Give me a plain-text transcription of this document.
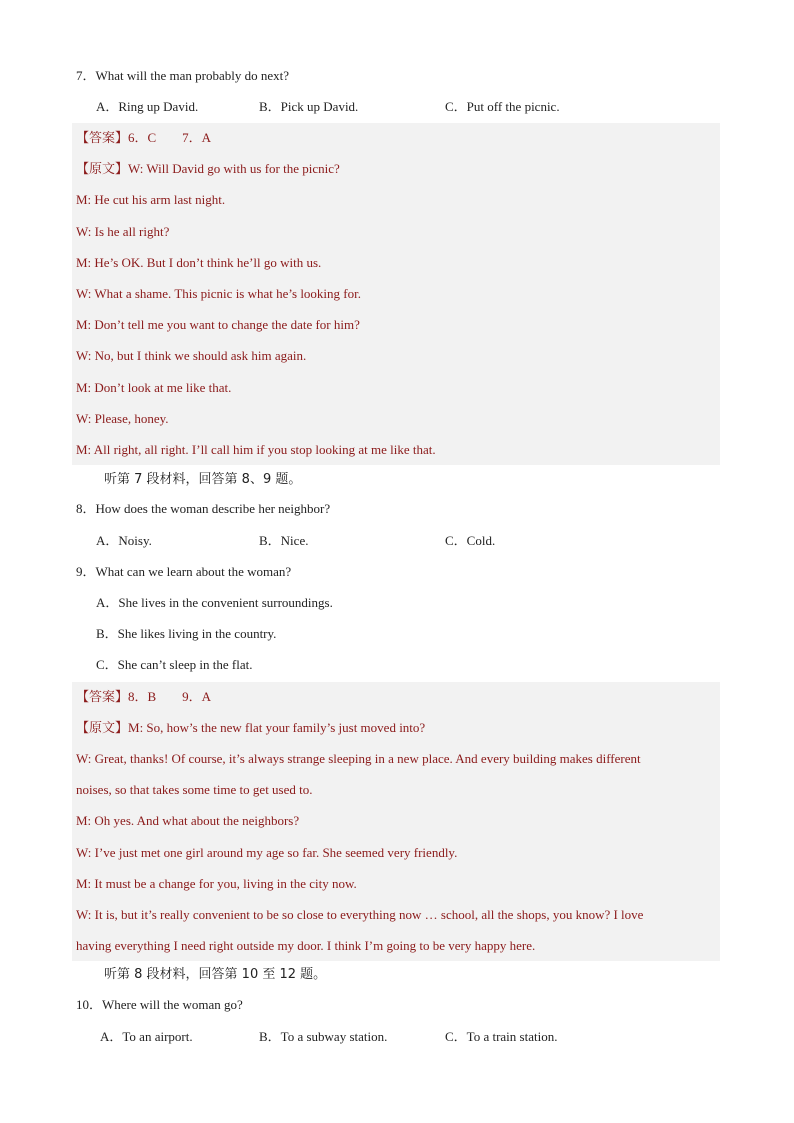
7．What will the man probably do next?
A．Ring up David.	B．Pick up David.	C．Put off the picnic.
【答案】6．C　　7．A
【原文】W: Will David go with us for the picnic?
M: He cut his arm last night.
W: Is he all right?
M: He’s OK. But I don’t think he’ll go with us.
W: What a shame. This picnic is what he’s looking for.
M: Don’t tell me you want to change the date for him?
W: No, but I think we should ask him again.
M: Don’t look at me like that.
W: Please, honey.
M: All right, all right. I’ll call him if you stop looking at me like that.
听第 7 段材料，回答第 8、9 题。
8．How does the woman describe her neighbor?
A．Noisy.	B．Nice.	C．Cold.
9．What can we learn about the woman?
A．She lives in the convenient surroundings.
B．She likes living in the country.
C．She can’t sleep in the flat.
【答案】8．B　　9．A
【原文】M: So, how’s the new flat your family’s just moved into?
W: Great, thanks! Of course, it’s always strange sleeping in a new place. And every building makes different
noises, so that takes some time to get used to.
M: Oh yes. And what about the neighbors?
W: I’ve just met one girl around my age so far. She seemed very friendly.
M: It must be a change for you, living in the city now.
W: It is, but it’s really convenient to be so close to everything now … school, all the shops, you know? I love
having everything I need right outside my door. I think I’m going to be very happy here.
听第 8 段材料，回答第 10 至 12 题。
10．Where will the woman go?
A．To an airport.	B．To a subway station.	C．To a train station.
